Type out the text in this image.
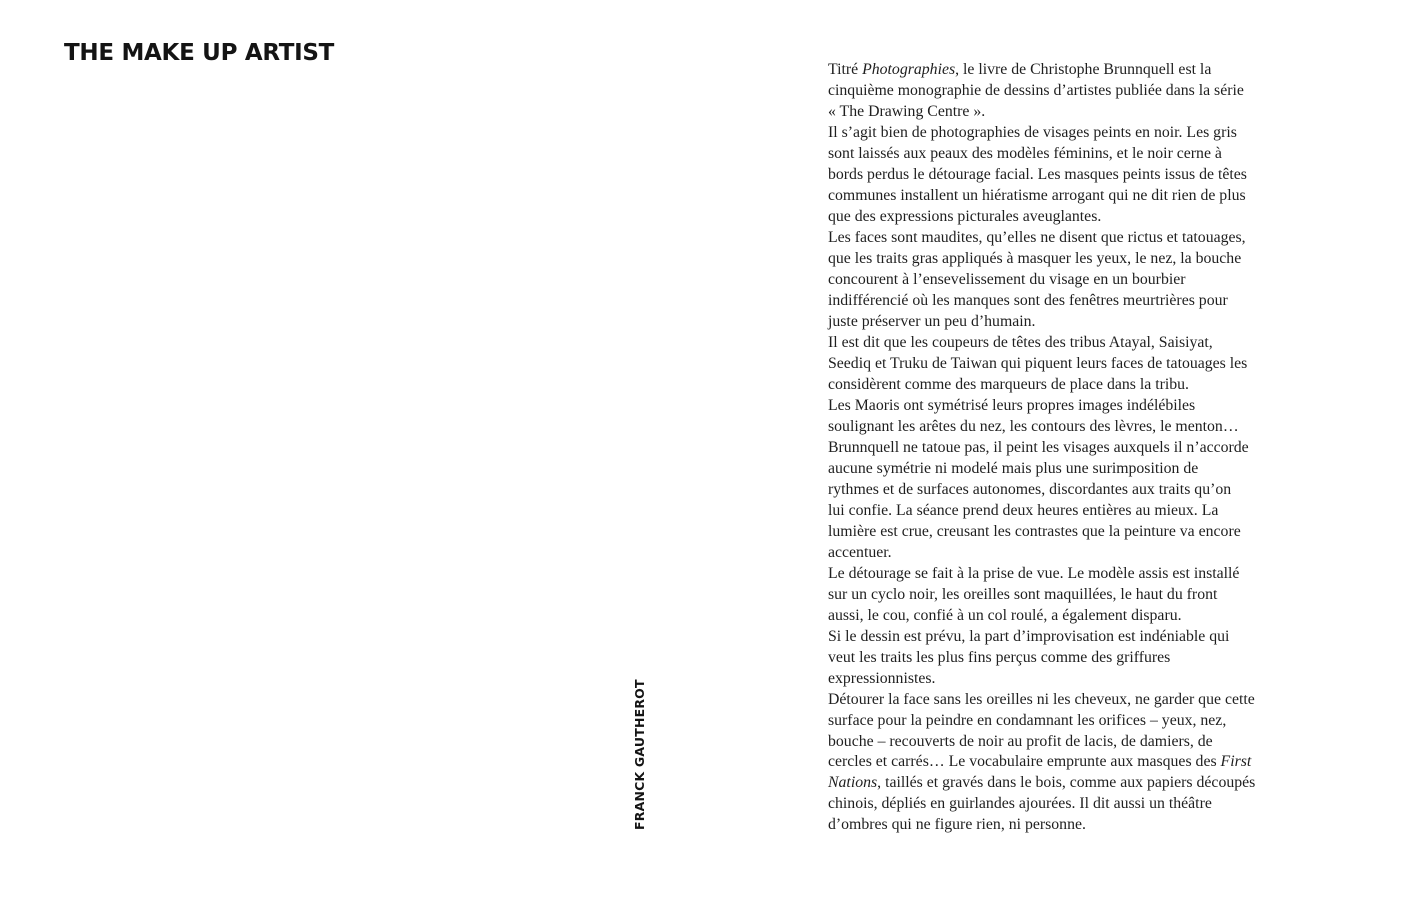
THE MAKE UP ARTIST
FRANCK GAUTHEROT
Titré Photographies, le livre de Christophe Brunnquell est la
cinquième monographie de dessins d’artistes publiée dans la série
« The Drawing Centre ».
Il s’agit bien de photographies de visages peints en noir. Les gris
sont laissés aux peaux des modèles féminins, et le noir cerne à
bords perdus le détourage facial. Les masques peints issus de têtes
communes installent un hiératisme arrogant qui ne dit rien de plus
que des expressions picturales aveuglantes.
Les faces sont maudites, qu’elles ne disent que rictus et tatouages,
que les traits gras appliqués à masquer les yeux, le nez, la bouche
concourent à l’ensevelissement du visage en un bourbier
indifférencié où les manques sont des fenêtres meurtrières pour
juste préserver un peu d’humain.
Il est dit que les coupeurs de têtes des tribus Atayal, Saisiyat,
Seediq et Truku de Taiwan qui piquent leurs faces de tatouages les
considèrent comme des marqueurs de place dans la tribu.
Les Maoris ont symétrisé leurs propres images indélébiles
soulignant les arêtes du nez, les contours des lèvres, le menton…
Brunnquell ne tatoue pas, il peint les visages auxquels il n’accorde
aucune symétrie ni modelé mais plus une surimposition de
rythmes et de surfaces autonomes, discordantes aux traits qu’on
lui confie. La séance prend deux heures entières au mieux. La
lumière est crue, creusant les contrastes que la peinture va encore
accentuer.
Le détourage se fait à la prise de vue. Le modèle assis est installé
sur un cyclo noir, les oreilles sont maquillées, le haut du front
aussi, le cou, confié à un col roulé, a également disparu.
Si le dessin est prévu, la part d’improvisation est indéniable qui
veut les traits les plus fins perçus comme des griffures
expressionnistes.
Détourer la face sans les oreilles ni les cheveux, ne garder que cette
surface pour la peindre en condamnant les orifices – yeux, nez,
bouche – recouverts de noir au profit de lacis, de damiers, de
cercles et carrés… Le vocabulaire emprunte aux masques des First
Nations, taillés et gravés dans le bois, comme aux papiers découpés
chinois, dépliés en guirlandes ajourées. Il dit aussi un théâtre
d’ombres qui ne figure rien, ni personne.
